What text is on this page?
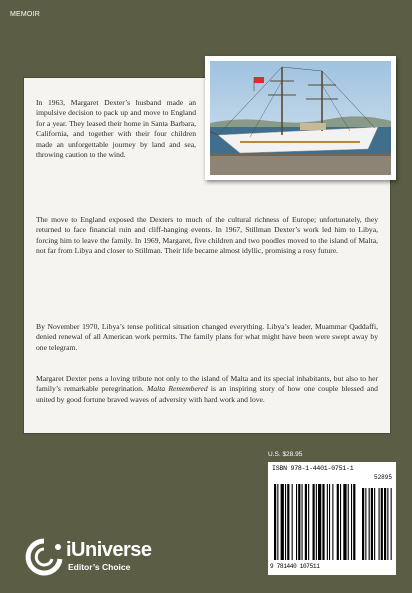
MEMOIR

In 1963, Margaret Dexter’s husband made an impulsive decision to pack up and move to England for a year. They leased their home in Santa Barbara, California, and together with their four children made an unforgettable journey by land and sea, throwing caution to the wind.

The move to England exposed the Dexters to much of the cultural richness of Europe; unfortunately, they returned to face financial ruin and cliff-hanging events. In 1967, Stillman Dexter’s work led him to Libya, forcing him to leave the family. In 1969, Margaret, five children and two poodles moved to the island of Malta, not far from Libya and closer to Stillman. Their life became almost idyllic, promising a rosy future.

By November 1970, Libya’s tense political situation changed everything. Libya’s leader, Muammar Qaddaffi, denied renewal of all American work permits. The family plans for what might have been were swept away by one telegram.

Margaret Dexter pens a loving tribute not only to the island of Malta and its special inhabitants, but also to her family’s remarkable peregrination. Malta Remembered is an inspiring story of how one couple blessed and united by good fortune braved waves of adversity with hard work and love.

iUniverse
Editor’s Choice
U.S. $28.95
ISBN 978-1-4401-0751-1
52895
9 781440 107511
